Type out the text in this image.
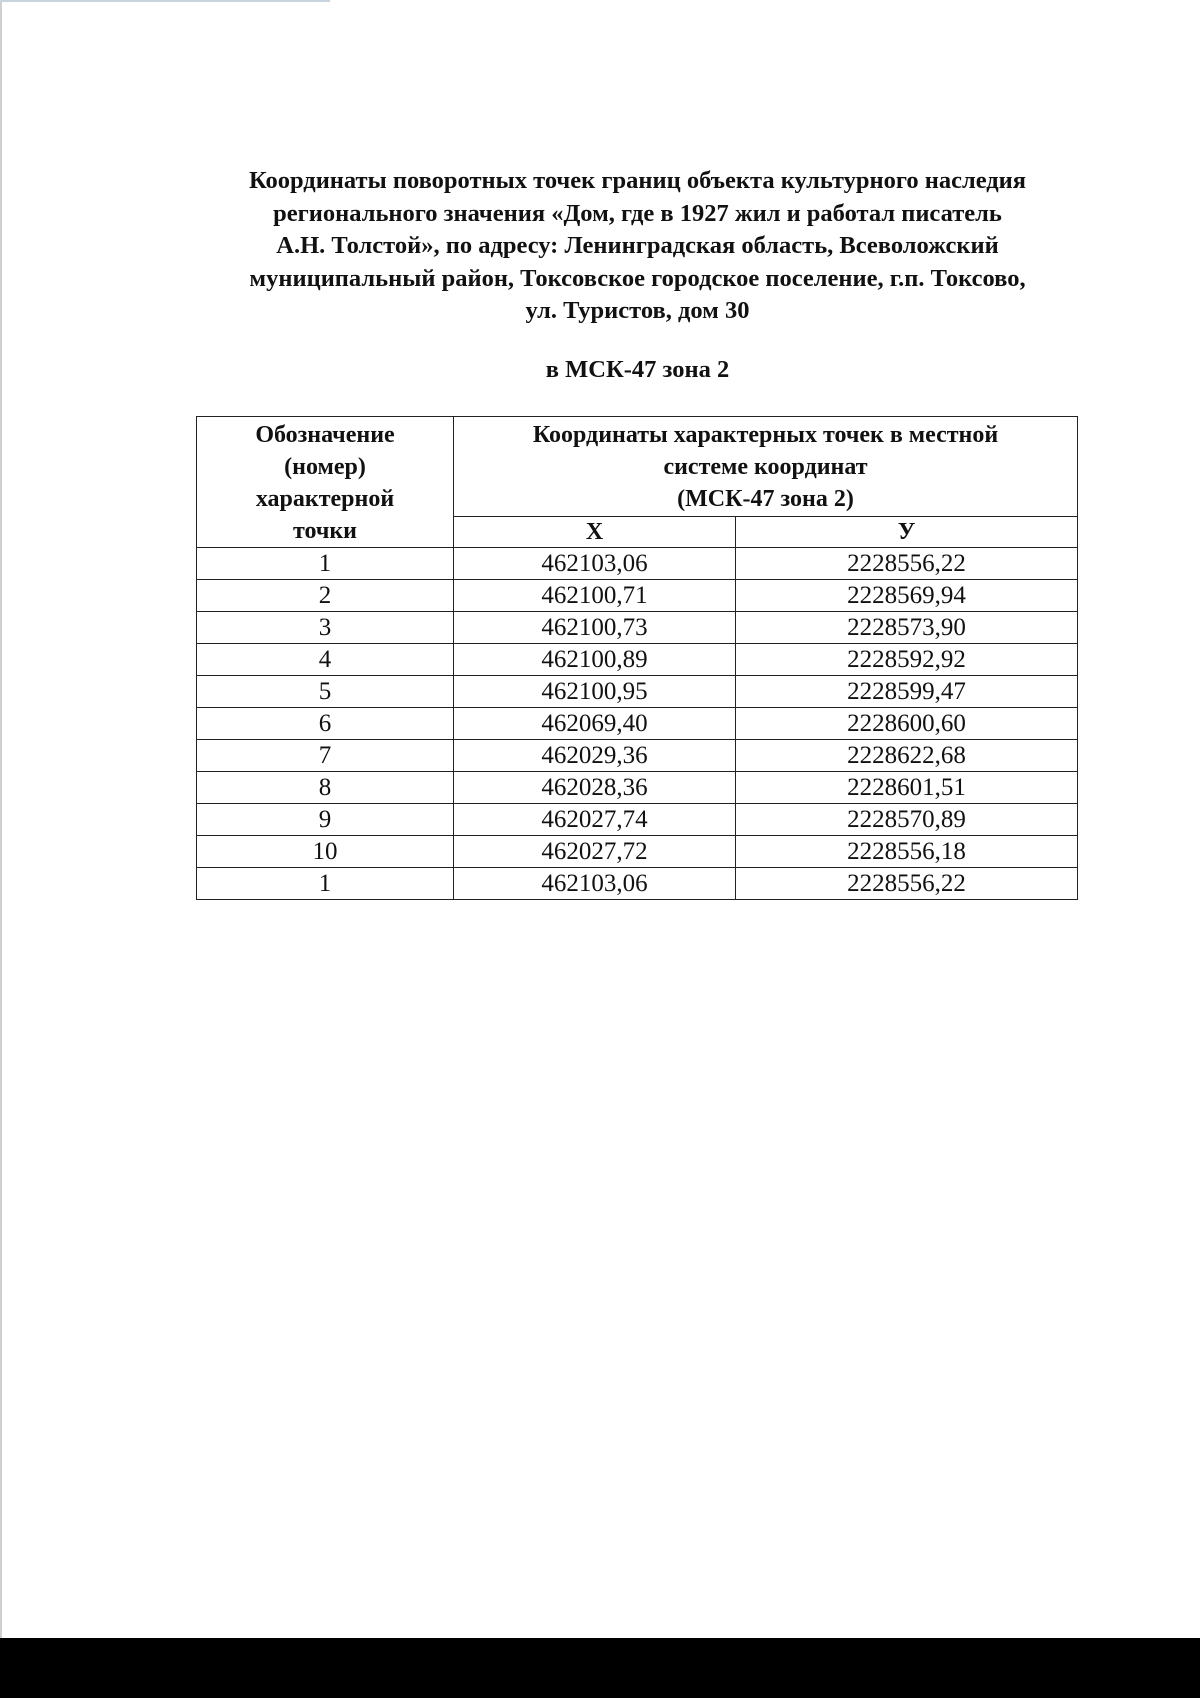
Координаты поворотных точек границ объекта культурного наследия
регионального значения «Дом, где в 1927 жил и работал писатель
А.Н. Толстой», по адресу: Ленинградская область, Всеволожский
муниципальный район, Токсовское городское поселение, г.п. Токсово,
ул. Туристов, дом 30

в МСК-47 зона 2

Обозначение
(номер)
характерной
точки	Координаты характерных точек в местной
системе координат
(МСК-47 зона 2)	

	Х	У
1	462103,06	2228556,22
2	462100,71	2228569,94
3	462100,73	2228573,90
4	462100,89	2228592,92
5	462100,95	2228599,47
6	462069,40	2228600,60
7	462029,36	2228622,68
8	462028,36	2228601,51
9	462027,74	2228570,89
10	462027,72	2228556,18
1	462103,06	2228556,22
